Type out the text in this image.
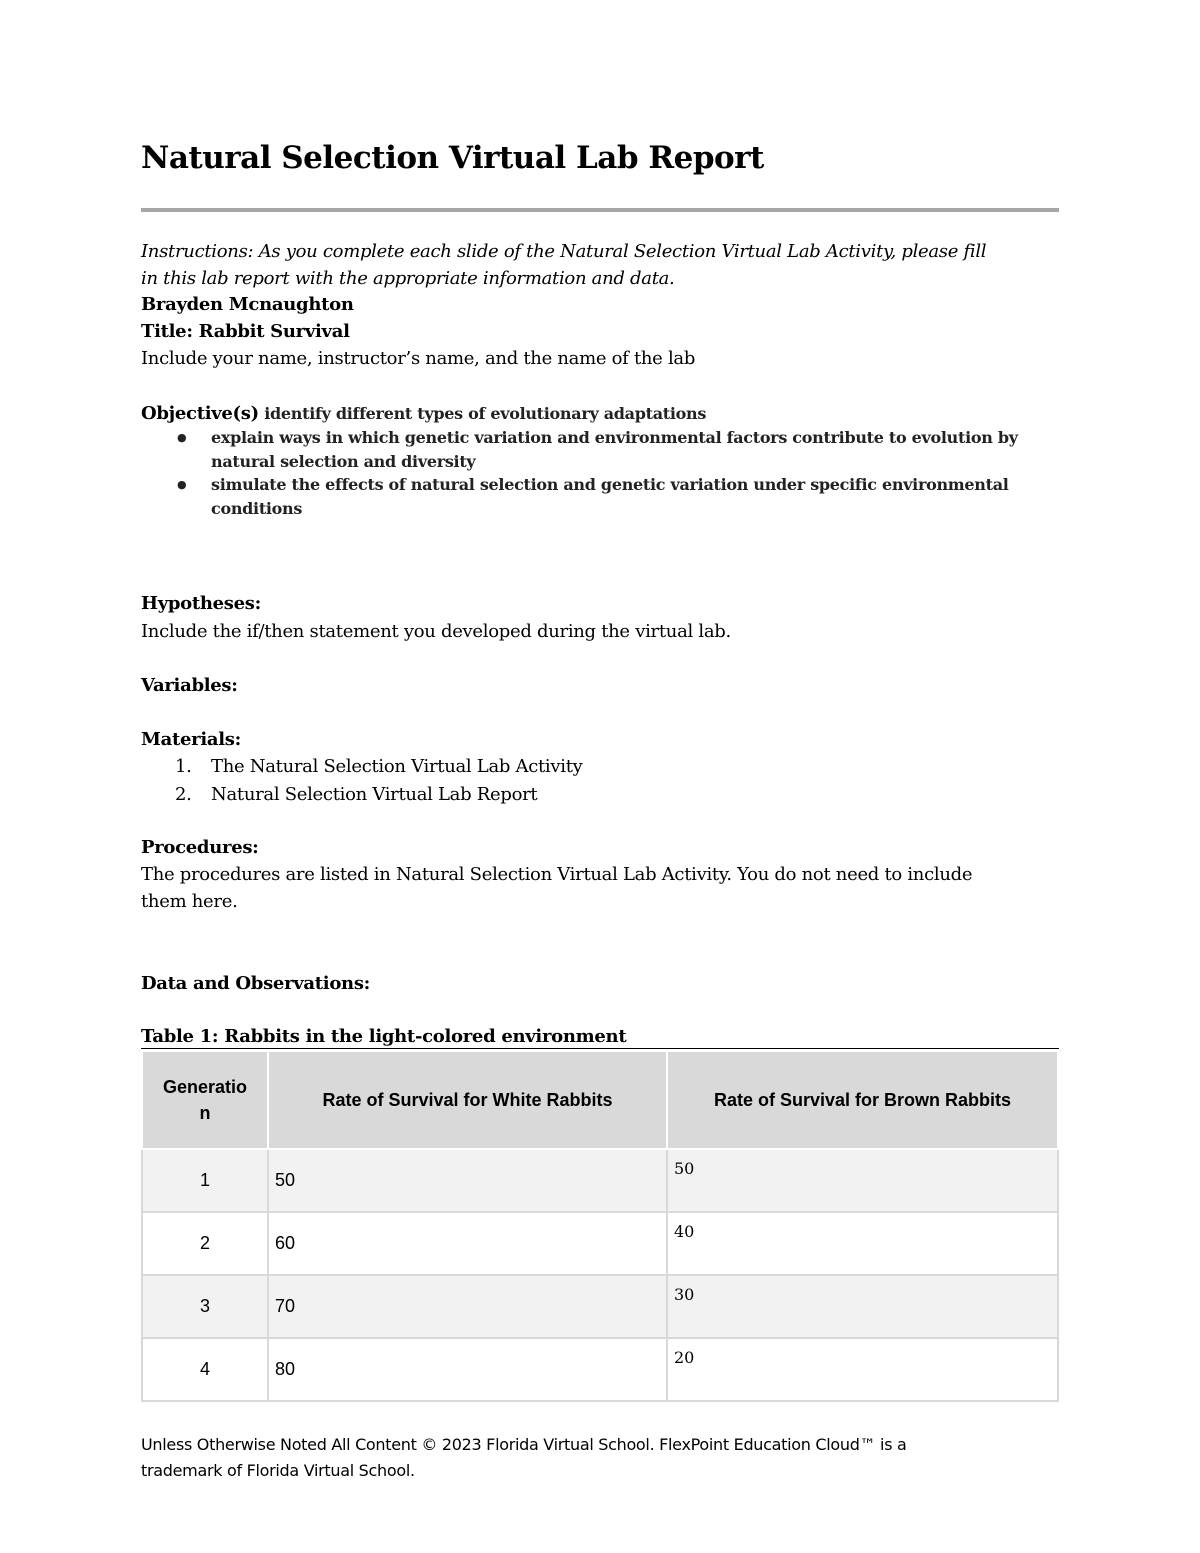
Natural Selection Virtual Lab Report
Instructions: As you complete each slide of the Natural Selection Virtual Lab Activity, please fill
in this lab report with the appropriate information and data.
Brayden Mcnaughton
Title: Rabbit Survival
Include your name, instructor’s name, and the name of the lab
Objective(s) identify different types of evolutionary adaptations
● explain ways in which genetic variation and environmental factors contribute to evolution by
natural selection and diversity
● simulate the effects of natural selection and genetic variation under specific environmental
conditions
Hypotheses:
Include the if/then statement you developed during the virtual lab.
Variables:
Materials:
1. The Natural Selection Virtual Lab Activity
2. Natural Selection Virtual Lab Report
Procedures:
The procedures are listed in Natural Selection Virtual Lab Activity. You do not need to include
them here.
Data and Observations:
Table 1: Rabbits in the light-colored environment
Generatio
n	Rate of Survival for White Rabbits	Rate of Survival for Brown Rabbits
1	50	50
2	60	40
3	70	30
4	80	20
Unless Otherwise Noted All Content © 2023 Florida Virtual School. FlexPoint Education Cloud™ is a
trademark of Florida Virtual School.
